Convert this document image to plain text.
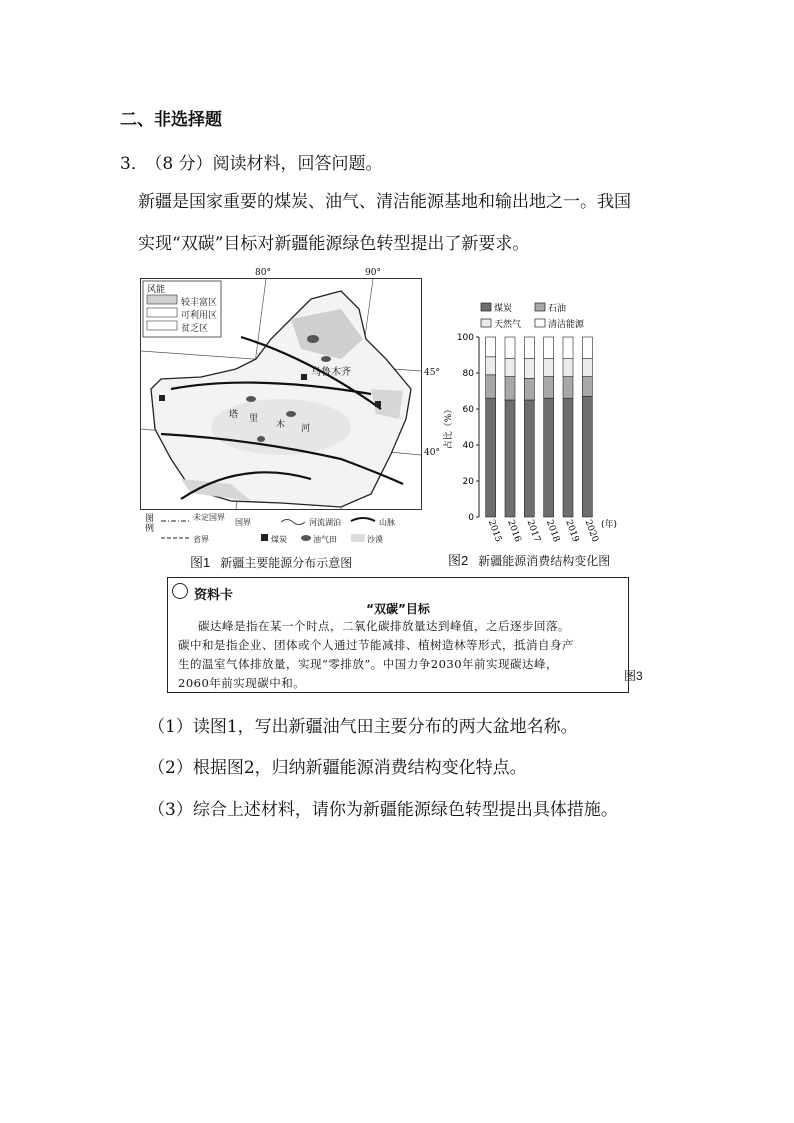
二、非选择题
3． （8 分）阅读材料，回答问题。
新疆是国家重要的煤炭、油气、清洁能源基地和输出地之一。我国
实现“双碳”目标对新疆能源绿色转型提出了新要求。
80°	90°
45°
40°
风能
较丰富区
可利用区
贫乏区
乌鲁木齐
塔 里
木 河
图例
未定国界
国界	河流湖泊	山脉
省界	煤炭	油气田	沙漠
图1 新疆主要能源分布示意图
煤炭	石油
天然气	清洁能源
0
20
40
60
80
100
占比（%）
2015 2016 2017 2018 2019 2020 (年)
图2 新疆能源消费结构变化图
资料卡
“双碳”目标
碳达峰是指在某一个时点，二氧化碳排放量达到峰值，之后逐步回落。
碳中和是指企业、团体或个人通过节能减排、植树造林等形式，抵消自身产
生的温室气体排放量，实现“零排放”。中国力争2030年前实现碳达峰，
2060年前实现碳中和。	图3
（1）读图1，写出新疆油气田主要分布的两大盆地名称。
（2）根据图2，归纳新疆能源消费结构变化特点。
（3）综合上述材料，请你为新疆能源绿色转型提出具体措施。
